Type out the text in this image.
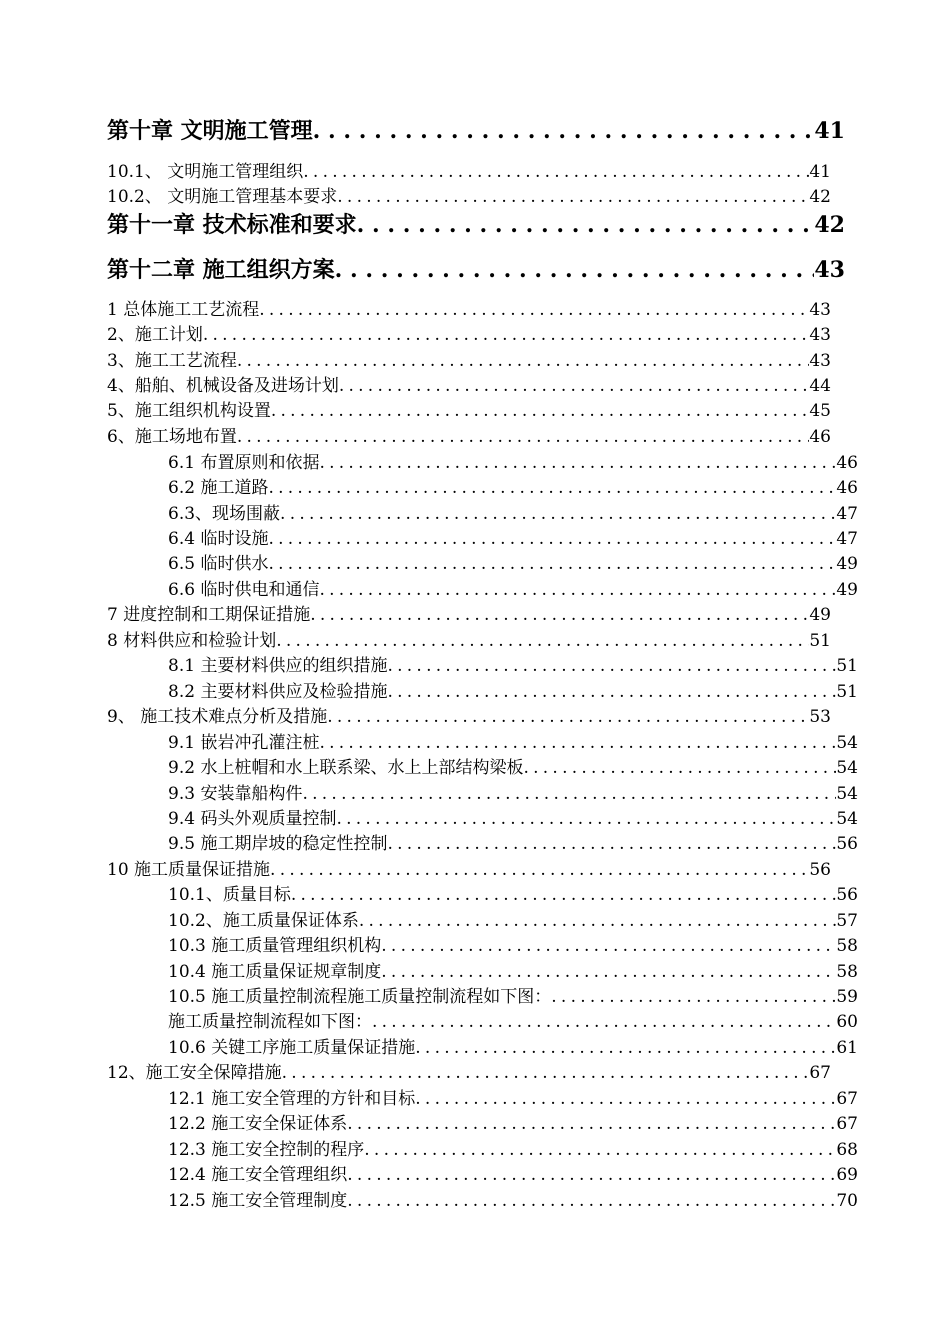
第十章 文明施工管理 .....	41
10.1、 文明施工管理组织 .....	41
10.2、 文明施工管理基本要求 .....	42
第十一章 技术标准和要求 .....	42
第十二章 施工组织方案 .....	43
1 总体施工工艺流程 .....	43
2、施工计划 .....	43
3、施工工艺流程 .....	43
4、船舶、机械设备及进场计划 .....	44
5、施工组织机构设置 .....	45
6、施工场地布置 .....	46
6.1 布置原则和依据 .....	46
6.2 施工道路 .....	46
6.3、现场围蔽 .....	47
6.4 临时设施 .....	47
6.5 临时供水 .....	49
6.6 临时供电和通信 .....	49
7 进度控制和工期保证措施 .....	49
8 材料供应和检验计划 .....	51
8.1 主要材料供应的组织措施 .....	51
8.2 主要材料供应及检验措施 .....	51
9、 施工技术难点分析及措施 .....	53
9.1 嵌岩冲孔灌注桩 .....	54
9.2 水上桩帽和水上联系梁、水上上部结构梁板 .....	54
9.3 安装靠船构件 .....	54
9.4 码头外观质量控制 .....	54
9.5 施工期岸坡的稳定性控制 .....	56
10 施工质量保证措施 .....	56
10.1、质量目标 .....	56
10.2、施工质量保证体系 .....	57
10.3 施工质量管理组织机构 .....	58
10.4 施工质量保证规章制度 .....	58
10.5 施工质量控制流程施工质量控制流程如下图： .....	59
施工质量控制流程如下图： .....	60
10.6 关键工序施工质量保证措施 .....	61
12、施工安全保障措施 .....	67
12.1 施工安全管理的方针和目标 .....	67
12.2 施工安全保证体系 .....	67
12.3 施工安全控制的程序 .....	68
12.4 施工安全管理组织 .....	69
12.5 施工安全管理制度 .....	70
